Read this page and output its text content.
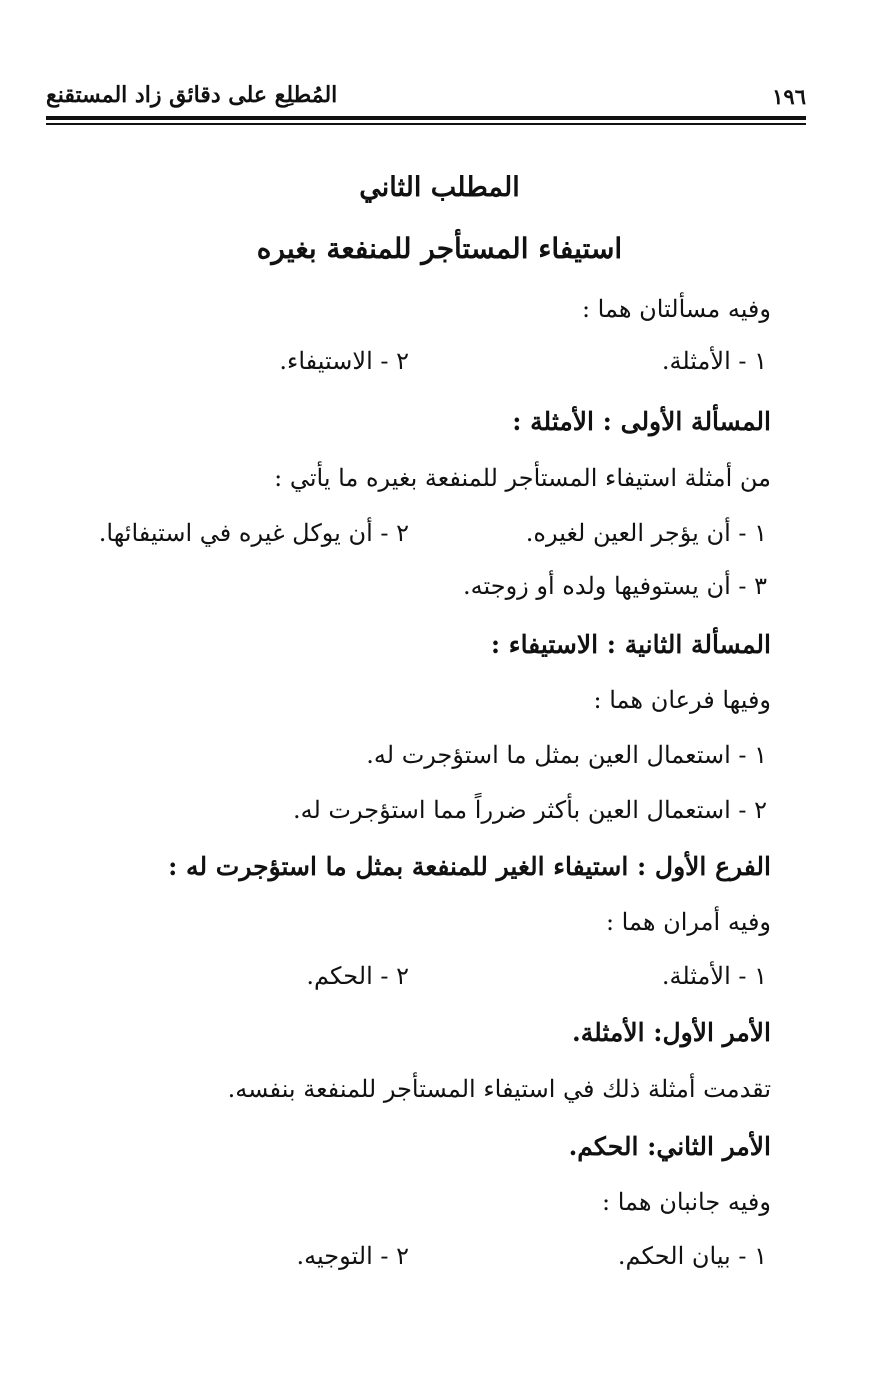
المُطلِع على دقائق زاد المستقنع	١٩٦
المطلب الثاني
استيفاء المستأجر للمنفعة بغيره
وفيه مسألتان هما :
١ - الأمثلة.
٢ - الاستيفاء.
المسألة الأولى : الأمثلة :
من أمثلة استيفاء المستأجر للمنفعة بغيره ما يأتي :
١ - أن يؤجر العين لغيره.
٢ - أن يوكل غيره في استيفائها.
٣ - أن يستوفيها ولده أو زوجته.
المسألة الثانية : الاستيفاء :
وفيها فرعان هما :
١ - استعمال العين بمثل ما استؤجرت له.
٢ - استعمال العين بأكثر ضرراً مما استؤجرت له.
الفرع الأول : استيفاء الغير للمنفعة بمثل ما استؤجرت له :
وفيه أمران هما :
١ - الأمثلة.
٢ - الحكم.
الأمر الأول: الأمثلة.
تقدمت أمثلة ذلك في استيفاء المستأجر للمنفعة بنفسه.
الأمر الثاني: الحكم.
وفيه جانبان هما :
١ - بيان الحكم.
٢ - التوجيه.
